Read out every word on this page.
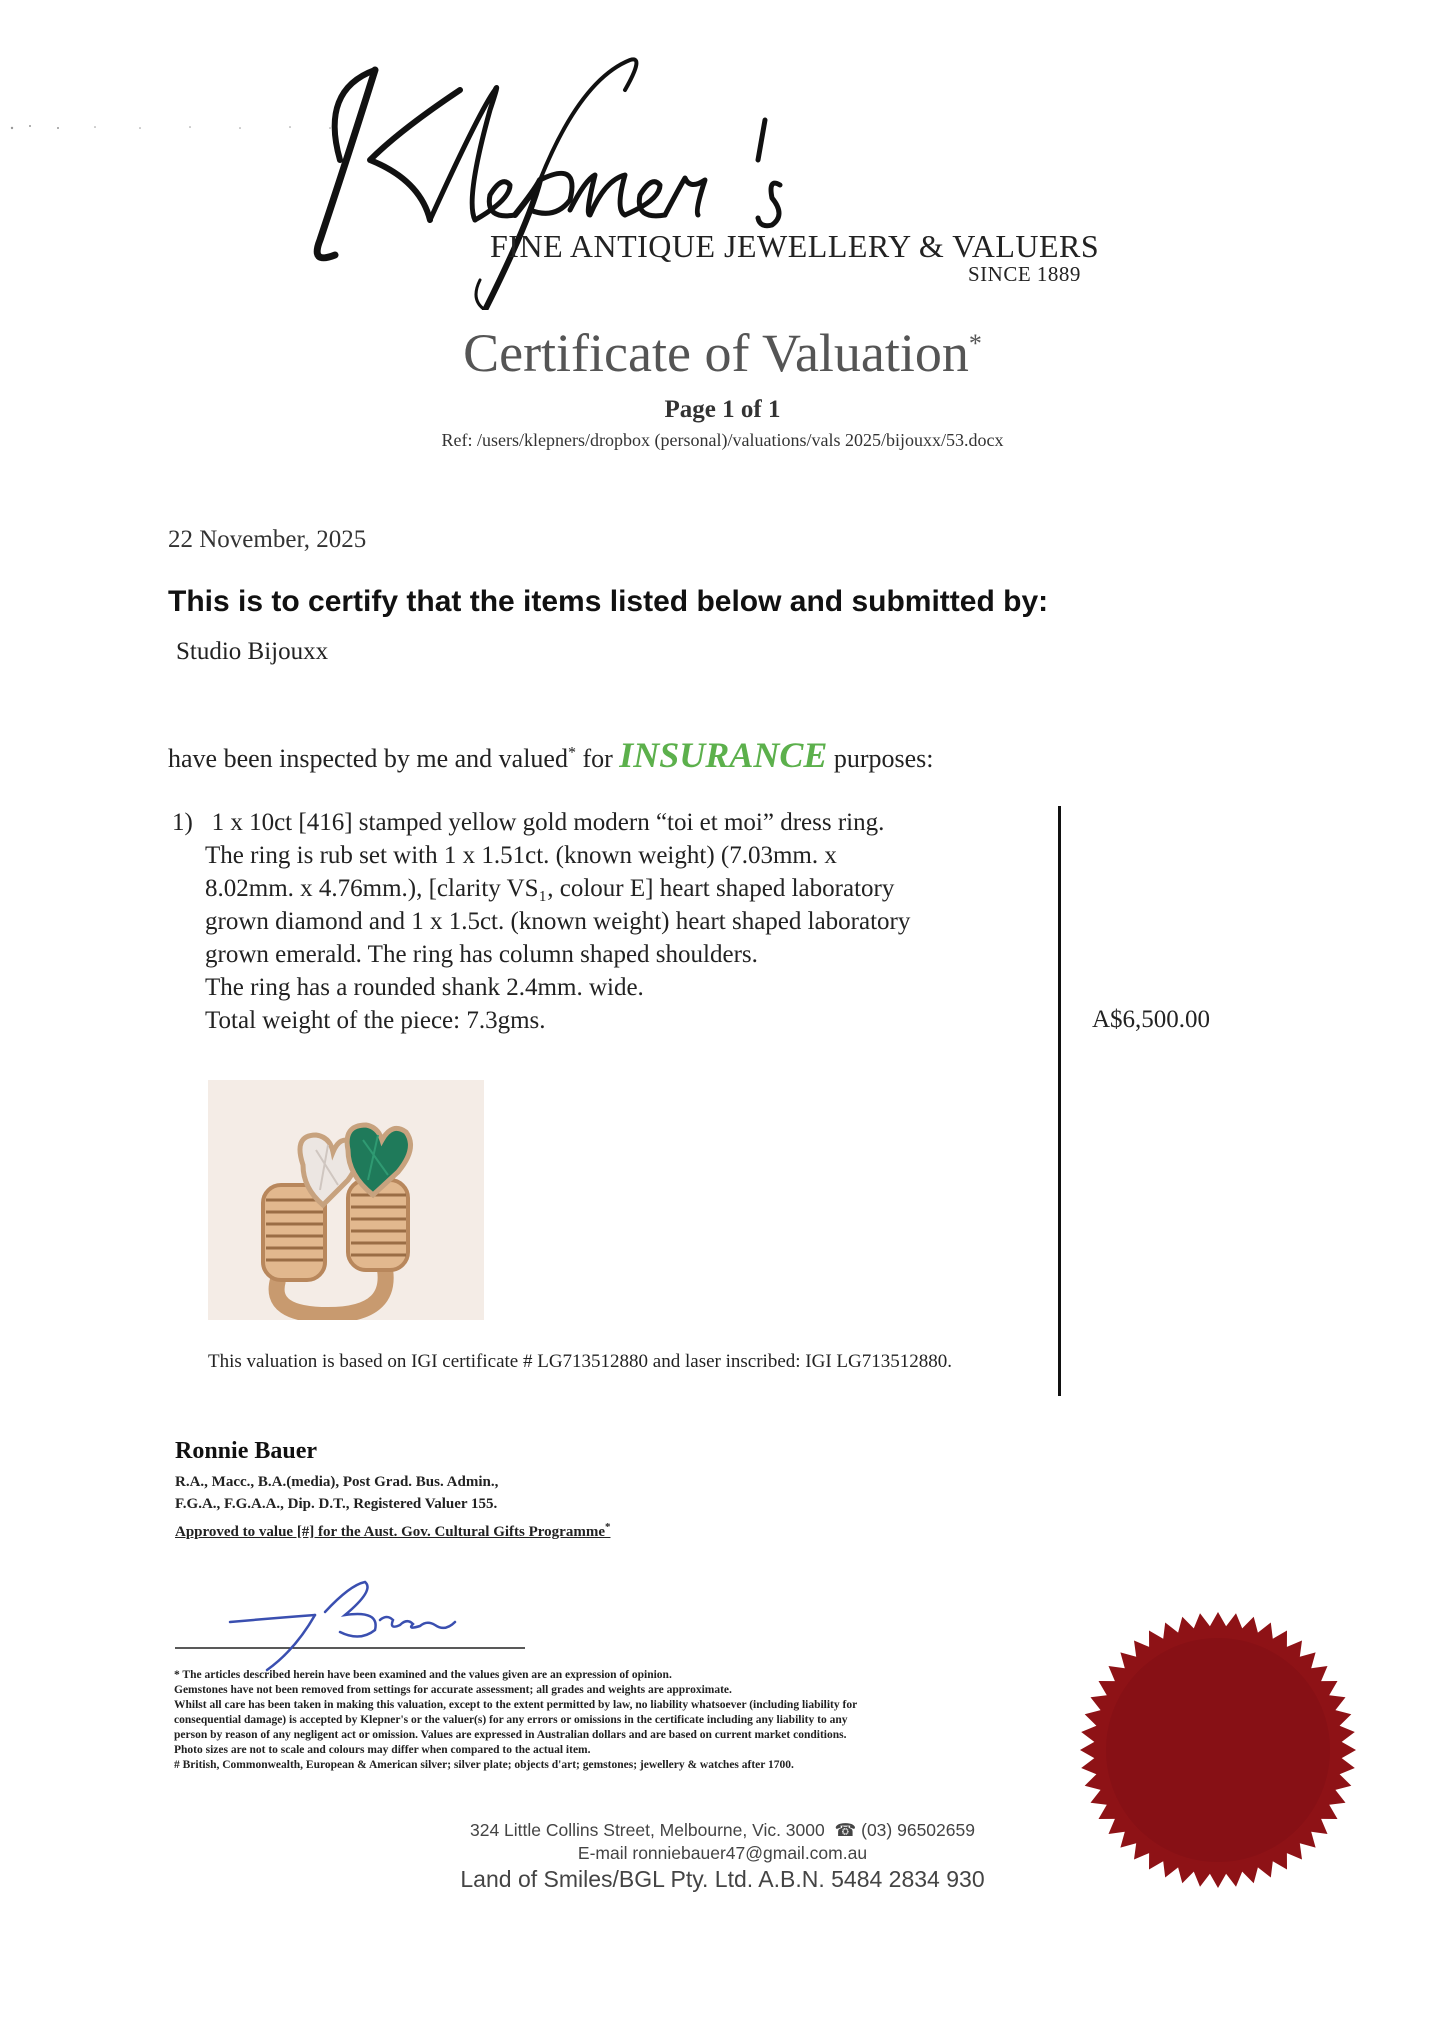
FINE ANTIQUE JEWELLERY & VALUERS
SINCE 1889
Certificate of Valuation*
Page 1 of 1
Ref: /users/klepners/dropbox (personal)/valuations/vals 2025/bijouxx/53.docx
22 November, 2025
This is to certify that the items listed below and submitted by:
Studio Bijouxx
have been inspected by me and valued* for INSURANCE purposes:
1) 1 x 10ct [416] stamped yellow gold modern “toi et moi” dress ring.
The ring is rub set with 1 x 1.51ct. (known weight) (7.03mm. x
8.02mm. x 4.76mm.), [clarity VS₁, colour E] heart shaped laboratory
grown diamond and 1 x 1.5ct. (known weight) heart shaped laboratory
grown emerald. The ring has column shaped shoulders.
The ring has a rounded shank 2.4mm. wide.
Total weight of the piece: 7.3gms.	A$6,500.00
This valuation is based on IGI certificate # LG713512880 and laser inscribed: IGI LG713512880.
Ronnie Bauer
R.A., Macc., B.A.(media), Post Grad. Bus. Admin.,
F.G.A., F.G.A.A., Dip. D.T., Registered Valuer 155.
Approved to value [#] for the Aust. Gov. Cultural Gifts Programme*
* The articles described herein have been examined and the values given are an expression of opinion.
Gemstones have not been removed from settings for accurate assessment; all grades and weights are approximate.
Whilst all care has been taken in making this valuation, except to the extent permitted by law, no liability whatsoever (including liability for
consequential damage) is accepted by Klepner's or the valuer(s) for any errors or omissions in the certificate including any liability to any
person by reason of any negligent act or omission. Values are expressed in Australian dollars and are based on current market conditions.
Photo sizes are not to scale and colours may differ when compared to the actual item.
# British, Commonwealth, European & American silver; silver plate; objects d'art; gemstones; jewellery & watches after 1700.
324 Little Collins Street, Melbourne, Vic. 3000  ☎ (03) 96502659
E-mail ronniebauer47@gmail.com.au
Land of Smiles/BGL Pty. Ltd. A.B.N. 5484 2834 930
